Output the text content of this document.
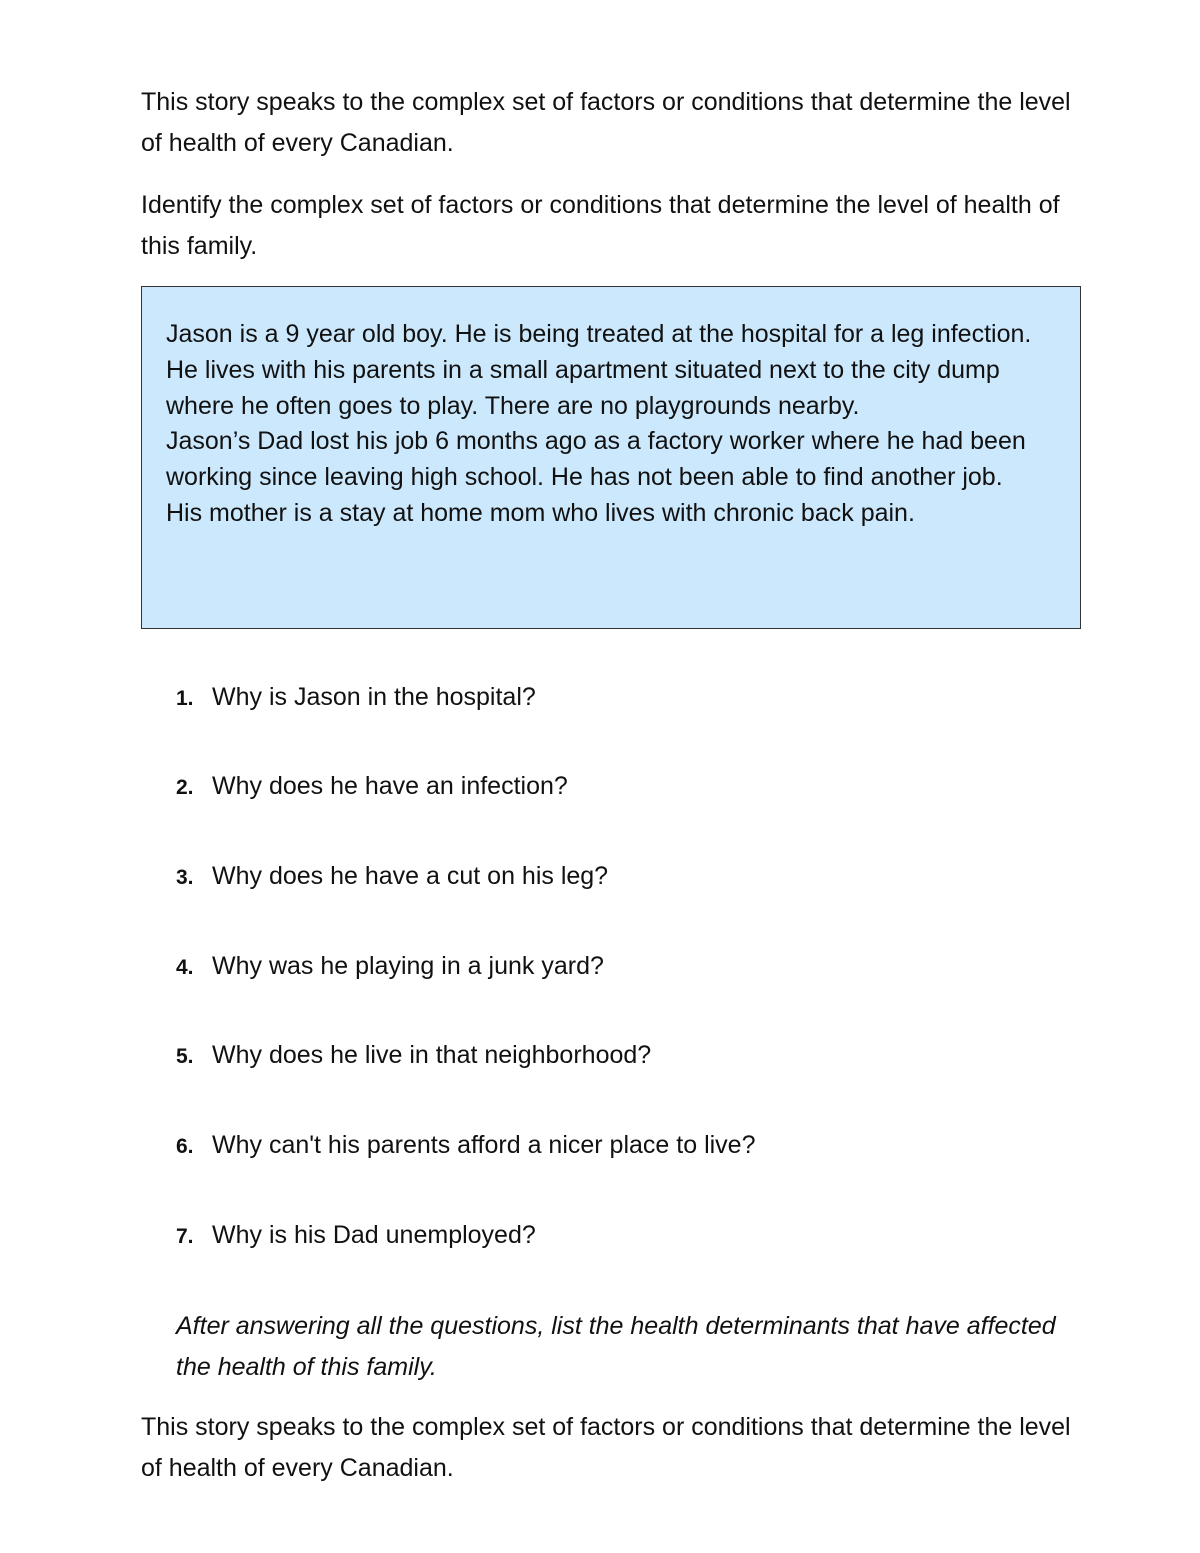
This story speaks to the complex set of factors or conditions that determine the level of health of every Canadian.

Identify the complex set of factors or conditions that determine the level of health of this family.

Jason is a 9 year old boy. He is being treated at the hospital for a leg infection.

He lives with his parents in a small apartment situated next to the city dump where he often goes to play. There are no playgrounds nearby.

Jason’s Dad lost his job 6 months ago as a factory worker where he had been working since leaving high school. He has not been able to find another job.

His mother is a stay at home mom who lives with chronic back pain.

1. Why is Jason in the hospital?

2. Why does he have an infection?

3. Why does he have a cut on his leg?

4. Why was he playing in a junk yard?

5. Why does he live in that neighborhood?

6. Why can't his parents afford a nicer place to live?

7. Why is his Dad unemployed?

After answering all the questions, list the health determinants that have affected the health of this family.

This story speaks to the complex set of factors or conditions that determine the level of health of every Canadian.
